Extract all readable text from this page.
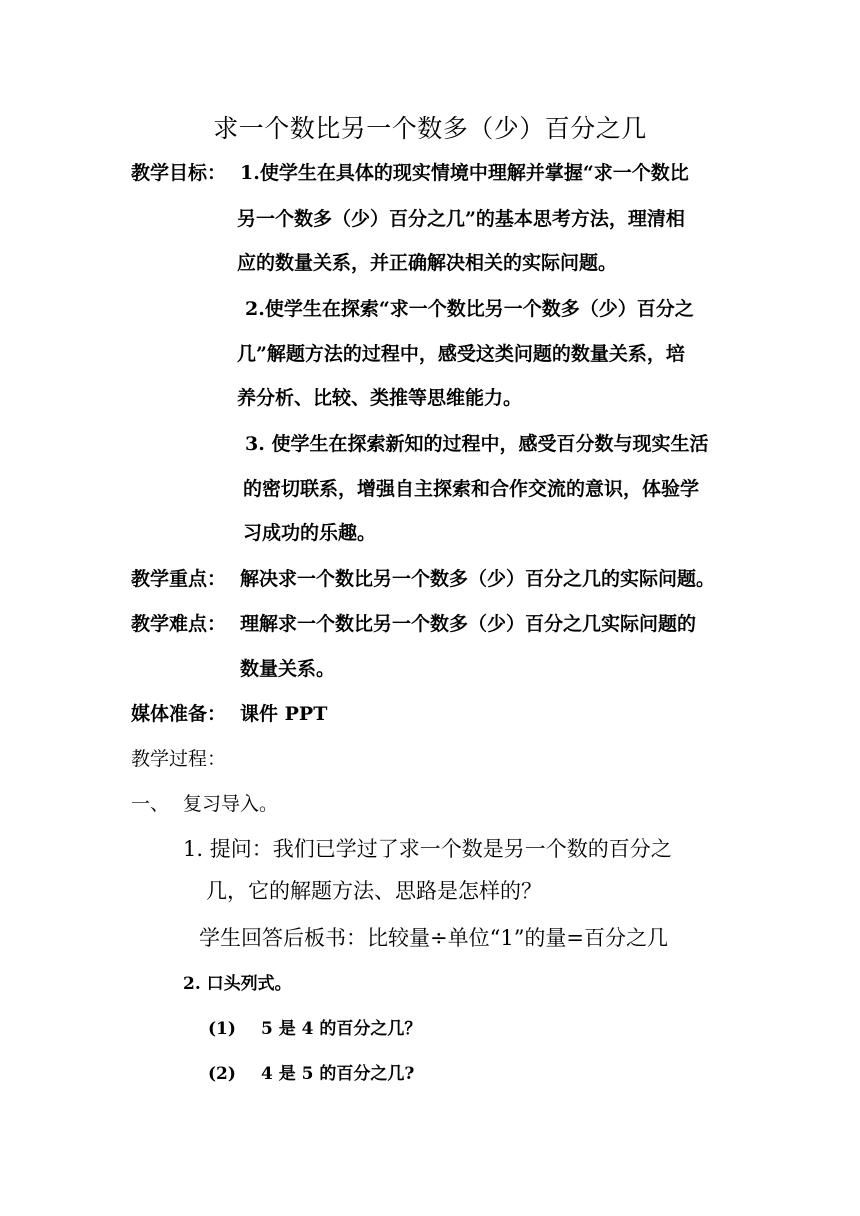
求一个数比另一个数多（少）百分之几
教学目标： 1.使学生在具体的现实情境中理解并掌握“求一个数比
另一个数多（少）百分之几”的基本思考方法，理清相
应的数量关系，并正确解决相关的实际问题。
2.使学生在探索“求一个数比另一个数多（少）百分之
几”解题方法的过程中，感受这类问题的数量关系，培
养分析、比较、类推等思维能力。
3. 使学生在探索新知的过程中，感受百分数与现实生活
的密切联系，增强自主探索和合作交流的意识，体验学
习成功的乐趣。
教学重点： 解决求一个数比另一个数多（少）百分之几的实际问题。
教学难点： 理解求一个数比另一个数多（少）百分之几实际问题的
数量关系。
媒体准备： 课件 PPT
教学过程：
一、 复习导入。
1. 提问：我们已学过了求一个数是另一个数的百分之
几，它的解题方法、思路是怎样的？
学生回答后板书：比较量÷单位“1”的量=百分之几
2. 口头列式。
(1) 5 是 4 的百分之几？
(2) 4 是 5 的百分之几?
